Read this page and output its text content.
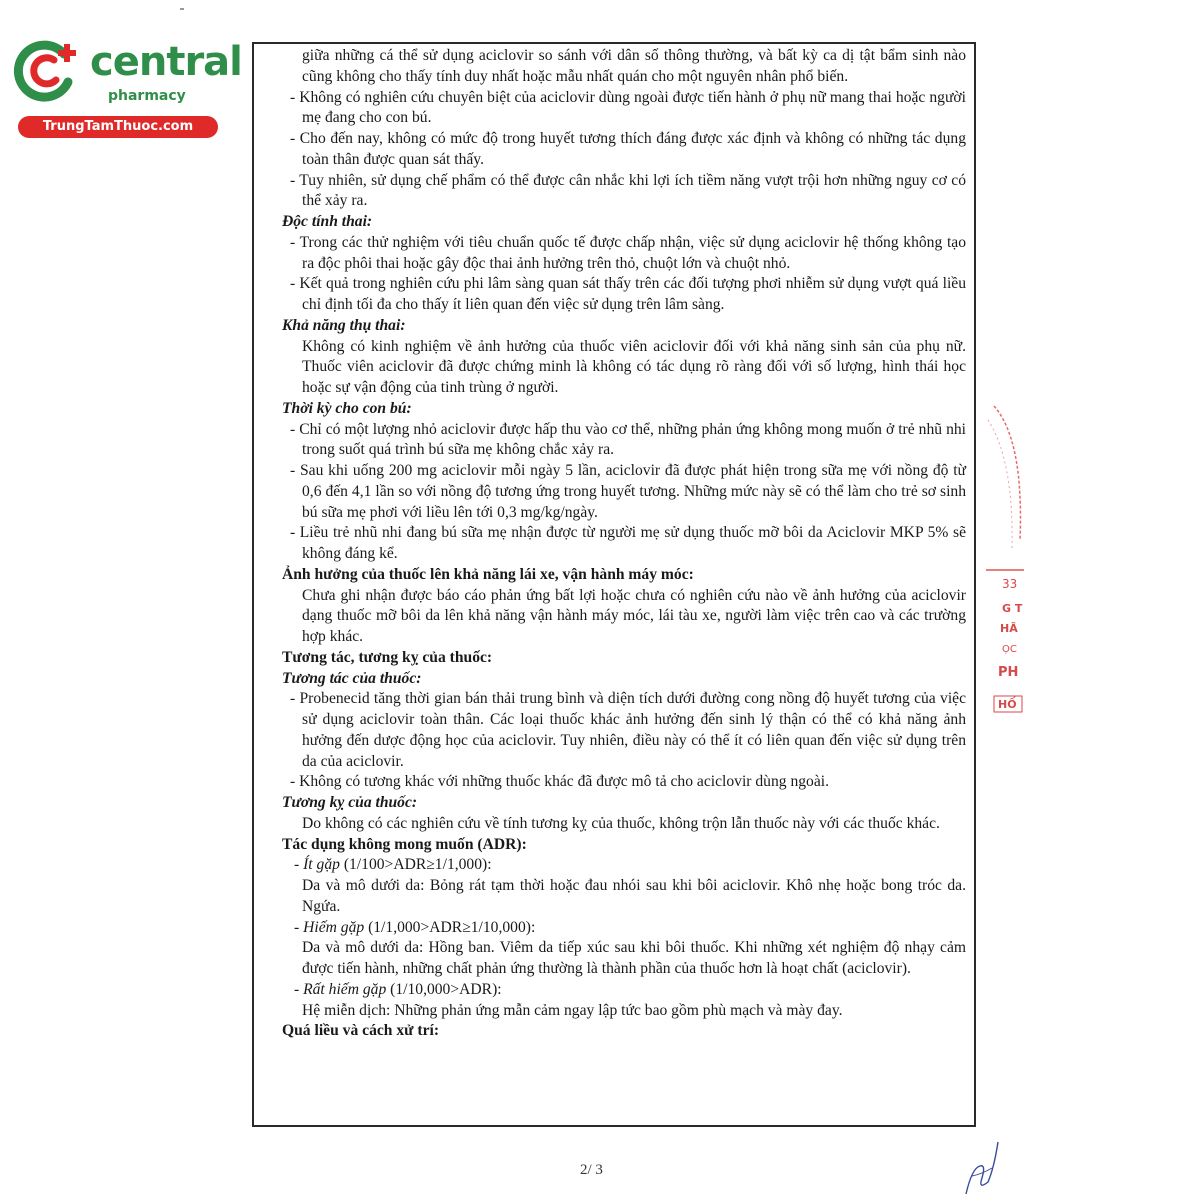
central
pharmacy
TrungTamThuoc.com

giữa những cá thể sử dụng aciclovir so sánh với dân số thông thường, và bất kỳ ca dị tật bẩm sinh nào cũng không cho thấy tính duy nhất hoặc mẫu nhất quán cho một nguyên nhân phổ biến.

- Không có nghiên cứu chuyên biệt của aciclovir dùng ngoài được tiến hành ở phụ nữ mang thai hoặc người mẹ đang cho con bú.

- Cho đến nay, không có mức độ trong huyết tương thích đáng được xác định và không có những tác dụng toàn thân được quan sát thấy.

- Tuy nhiên, sử dụng chế phẩm có thể được cân nhắc khi lợi ích tiềm năng vượt trội hơn những nguy cơ có thể xảy ra.

Độc tính thai:

- Trong các thử nghiệm với tiêu chuẩn quốc tế được chấp nhận, việc sử dụng aciclovir hệ thống không tạo ra độc phôi thai hoặc gây độc thai ảnh hưởng trên thỏ, chuột lớn và chuột nhỏ.

- Kết quả trong nghiên cứu phi lâm sàng quan sát thấy trên các đối tượng phơi nhiễm sử dụng vượt quá liều chỉ định tối đa cho thấy ít liên quan đến việc sử dụng trên lâm sàng.

Khả năng thụ thai:

Không có kinh nghiệm về ảnh hưởng của thuốc viên aciclovir đối với khả năng sinh sản của phụ nữ. Thuốc viên aciclovir đã được chứng minh là không có tác dụng rõ ràng đối với số lượng, hình thái học hoặc sự vận động của tinh trùng ở người.

Thời kỳ cho con bú:

- Chỉ có một lượng nhỏ aciclovir được hấp thu vào cơ thể, những phản ứng không mong muốn ở trẻ nhũ nhi trong suốt quá trình bú sữa mẹ không chắc xảy ra.

- Sau khi uống 200 mg aciclovir mỗi ngày 5 lần, aciclovir đã được phát hiện trong sữa mẹ với nồng độ từ 0,6 đến 4,1 lần so với nồng độ tương ứng trong huyết tương. Những mức này sẽ có thể làm cho trẻ sơ sinh bú sữa mẹ phơi với liều lên tới 0,3 mg/kg/ngày.

- Liều trẻ nhũ nhi đang bú sữa mẹ nhận được từ người mẹ sử dụng thuốc mỡ bôi da Aciclovir MKP 5% sẽ không đáng kể.

Ảnh hưởng của thuốc lên khả năng lái xe, vận hành máy móc:

Chưa ghi nhận được báo cáo phản ứng bất lợi hoặc chưa có nghiên cứu nào về ảnh hưởng của aciclovir dạng thuốc mỡ bôi da lên khả năng vận hành máy móc, lái tàu xe, người làm việc trên cao và các trường hợp khác.

Tương tác, tương kỵ của thuốc:

Tương tác của thuốc:

- Probenecid tăng thời gian bán thải trung bình và diện tích dưới đường cong nồng độ huyết tương của việc sử dụng aciclovir toàn thân. Các loại thuốc khác ảnh hưởng đến sinh lý thận có thể có khả năng ảnh hưởng đến dược động học của aciclovir. Tuy nhiên, điều này có thể ít có liên quan đến việc sử dụng trên da của aciclovir.

- Không có tương khác với những thuốc khác đã được mô tả cho aciclovir dùng ngoài.

Tương kỵ của thuốc:

Do không có các nghiên cứu về tính tương kỵ của thuốc, không trộn lẫn thuốc này với các thuốc khác.

Tác dụng không mong muốn (ADR):

- Ít gặp (1/100>ADR≥1/1,000):

Da và mô dưới da: Bỏng rát tạm thời hoặc đau nhói sau khi bôi aciclovir. Khô nhẹ hoặc bong tróc da. Ngứa.

- Hiếm gặp (1/1,000>ADR≥1/10,000):

Da và mô dưới da: Hồng ban. Viêm da tiếp xúc sau khi bôi thuốc. Khi những xét nghiệm độ nhạy cảm được tiến hành, những chất phản ứng thường là thành phần của thuốc hơn là hoạt chất (aciclovir).

- Rất hiếm gặp (1/10,000>ADR):

Hệ miễn dịch: Những phản ứng mẫn cảm ngay lập tức bao gồm phù mạch và mày đay.

Quá liều và cách xử trí:

33
G T
HÃ
ỌC
PH
HỐ
2/ 3
